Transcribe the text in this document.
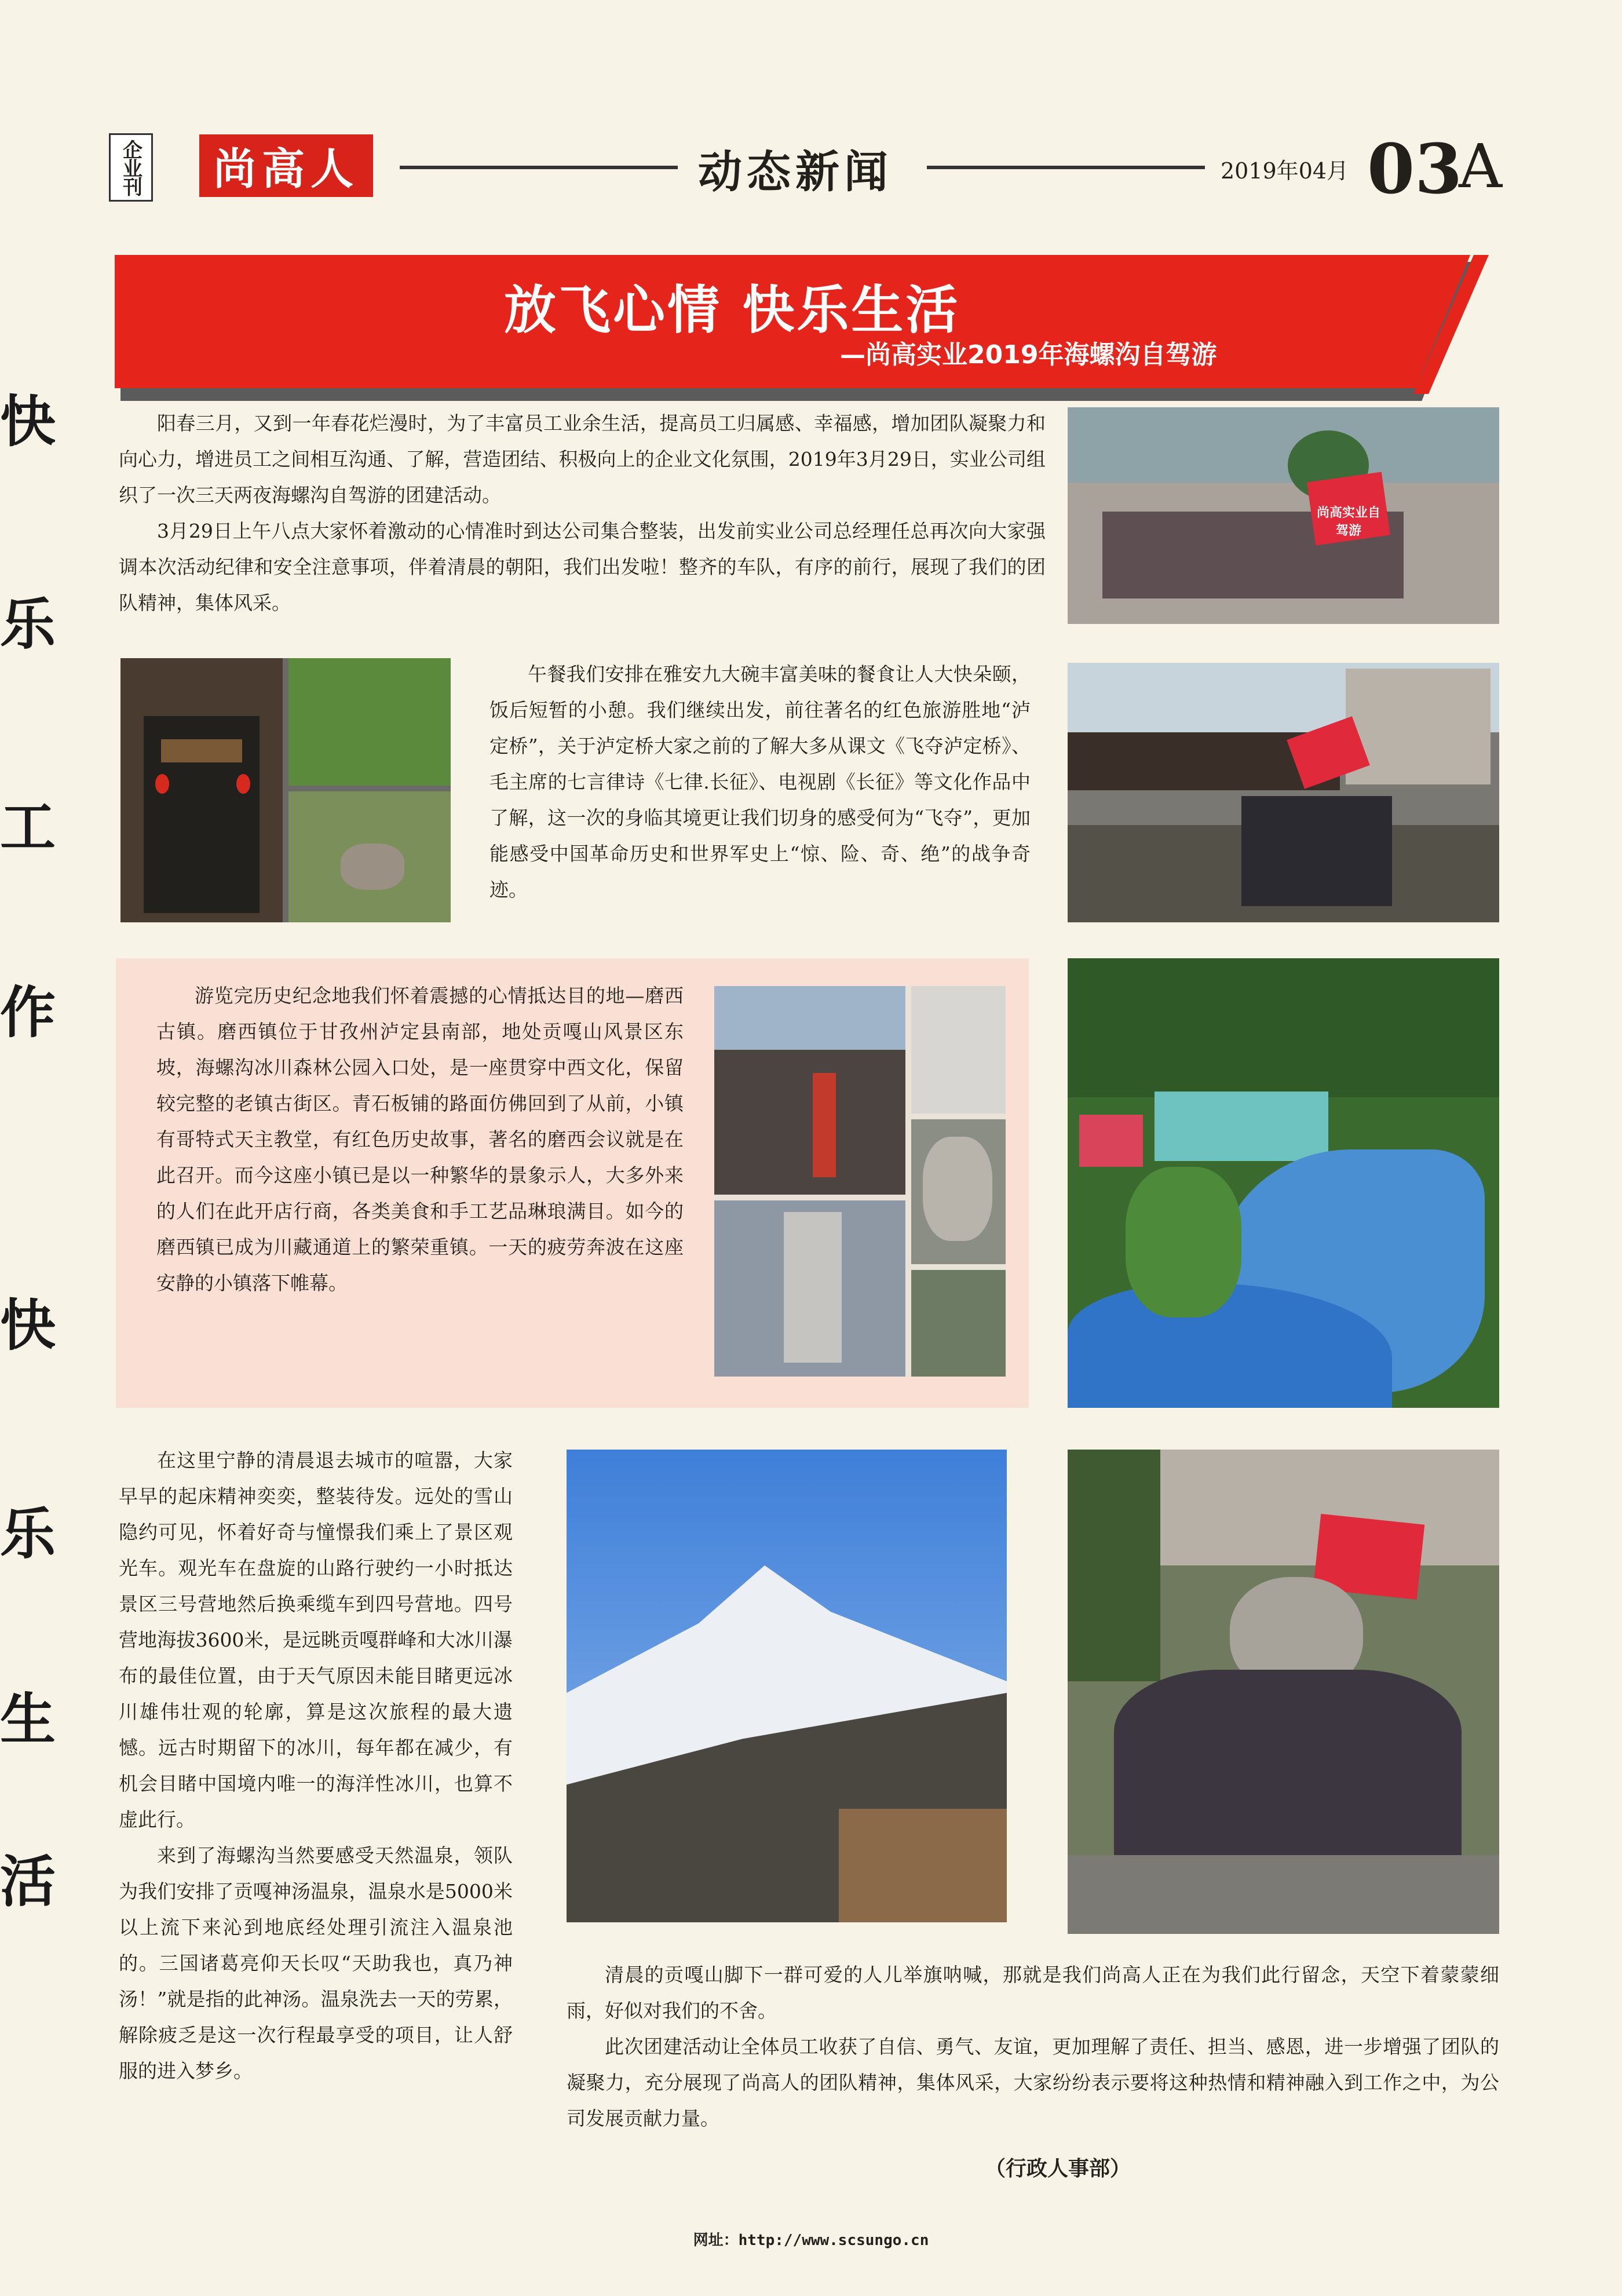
快
乐
工
作
快
乐
生
活
企业刊	尚高人	动态新闻	2019年04月 03
A
放飞心情 快乐生活
—尚高实业2019年海螺沟自驾游

阳春三月，又到一年春花烂漫时，为了丰富员工业余生活，提高员工归属感、幸福感，增加团队凝聚力和向心力，增进员工之间相互沟通、了解，营造团结、积极向上的企业文化氛围，2019年3月29日，实业公司组织了一次三天两夜海螺沟自驾游的团建活动。

3月29日上午八点大家怀着激动的心情准时到达公司集合整装，出发前实业公司总经理任总再次向大家强调本次活动纪律和安全注意事项，伴着清晨的朝阳，我们出发啦！整齐的车队，有序的前行，展现了我们的团队精神，集体风采。

尚高实业自驾游

午餐我们安排在雅安九大碗丰富美味的餐食让人大快朵颐，饭后短暂的小憩。我们继续出发，前往著名的红色旅游胜地“泸定桥”，关于泸定桥大家之前的了解大多从课文《飞夺泸定桥》、毛主席的七言律诗《七律.长征》、电视剧《长征》等文化作品中了解，这一次的身临其境更让我们切身的感受何为“飞夺”，更加能感受中国革命历史和世界军史上“惊、险、奇、绝”的战争奇迹。

游览完历史纪念地我们怀着震撼的心情抵达目的地—磨西古镇。磨西镇位于甘孜州泸定县南部，地处贡嘎山风景区东坡，海螺沟冰川森林公园入口处，是一座贯穿中西文化，保留较完整的老镇古街区。青石板铺的路面仿佛回到了从前，小镇有哥特式天主教堂，有红色历史故事，著名的磨西会议就是在此召开。而今这座小镇已是以一种繁华的景象示人，大多外来的人们在此开店行商，各类美食和手工艺品琳琅满目。如今的磨西镇已成为川藏通道上的繁荣重镇。一天的疲劳奔波在这座安静的小镇落下帷幕。

在这里宁静的清晨退去城市的喧嚣，大家早早的起床精神奕奕，整装待发。远处的雪山隐约可见，怀着好奇与憧憬我们乘上了景区观光车。观光车在盘旋的山路行驶约一小时抵达景区三号营地然后换乘缆车到四号营地。四号营地海拔3600米，是远眺贡嘎群峰和大冰川瀑布的最佳位置，由于天气原因未能目睹更远冰川雄伟壮观的轮廓，算是这次旅程的最大遗憾。远古时期留下的冰川，每年都在减少，有机会目睹中国境内唯一的海洋性冰川，也算不虚此行。

来到了海螺沟当然要感受天然温泉，领队为我们安排了贡嘎神汤温泉，温泉水是5000米以上流下来沁到地底经处理引流注入温泉池的。三国诸葛亮仰天长叹“天助我也，真乃神汤！”就是指的此神汤。温泉洗去一天的劳累，解除疲乏是这一次行程最享受的项目，让人舒服的进入梦乡。

清晨的贡嘎山脚下一群可爱的人儿举旗呐喊，那就是我们尚高人正在为我们此行留念，天空下着蒙蒙细雨，好似对我们的不舍。

此次团建活动让全体员工收获了自信、勇气、友谊，更加理解了责任、担当、感恩，进一步增强了团队的凝聚力，充分展现了尚高人的团队精神，集体风采，大家纷纷表示要将这种热情和精神融入到工作之中，为公司发展贡献力量。

（行政人事部）
网址：http://www.scsungo.cn
